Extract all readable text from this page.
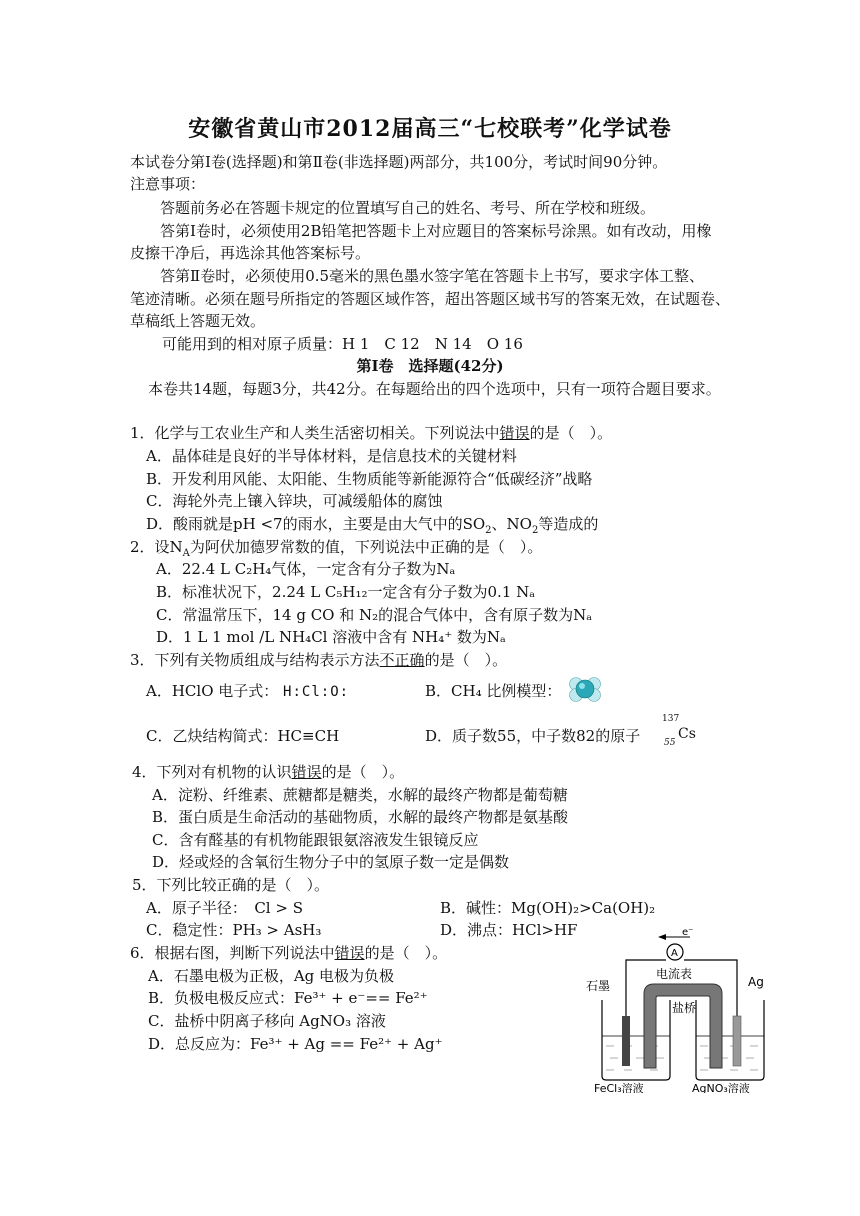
安徽省黄山市2012届高三“七校联考”化学试卷
本试卷分第Ⅰ卷(选择题)和第Ⅱ卷(非选择题)两部分，共100分，考试时间90分钟。
注意事项：
答题前务必在答题卡规定的位置填写自己的姓名、考号、所在学校和班级。
答第Ⅰ卷时，必须使用2B铅笔把答题卡上对应题目的答案标号涂黑。如有改动，用橡
皮擦干净后，再选涂其他答案标号。
答第Ⅱ卷时，必须使用0.5毫米的黑色墨水签字笔在答题卡上书写，要求字体工整、
笔迹清晰。必须在题号所指定的答题区域作答，超出答题区域书写的答案无效，在试题卷、
草稿纸上答题无效。
可能用到的相对原子质量：H 1　C 12　N 14　O 16
第Ⅰ卷　选择题(42分)
本卷共14题，每题3分，共42分。在每题给出的四个选项中，只有一项符合题目要求。
1．化学与工农业生产和人类生活密切相关。下列说法中错误的是（　）。
A．晶体硅是良好的半导体材料，是信息技术的关键材料
B．开发利用风能、太阳能、生物质能等新能源符合“低碳经济”战略
C．海轮外壳上镶入锌块，可减缓船体的腐蚀
D．酸雨就是pH <7的雨水，主要是由大气中的$SO_2$、$NO_2$等造成的
2．设$N_A$为阿伏加德罗常数的值，下列说法中正确的是（　）。
A．22.4 L C₂H₄气体，一定含有分子数为Nₐ
B．标准状况下，2.24 L C₅H₁₂一定含有分子数为0.1 Nₐ
C．常温常压下，14 g CO 和 N₂的混合气体中，含有原子数为Nₐ
D．1 L 1 mol /L NH₄Cl 溶液中含有 NH₄⁺ 数为Nₐ
3．下列有关物质组成与结构表示方法不正确的是（　）。
A．HClO 电子式： H:Cl:O:	B．CH₄ 比例模型：
C．乙炔结构简式：HC≡CH	D．质子数55，中子数82的原子
137
55
Cs
4．下列对有机物的认识错误的是（　）。
A．淀粉、纤维素、蔗糖都是糖类，水解的最终产物都是葡萄糖
B．蛋白质是生命活动的基础物质，水解的最终产物都是氨基酸
C．含有醛基的有机物能跟银氨溶液发生银镜反应
D．烃或烃的含氧衍生物分子中的氢原子数一定是偶数
5．下列比较正确的是（　）。
A．原子半径：　Cl > S	B．碱性：Mg(OH)₂>Ca(OH)₂
C．稳定性：PH₃ > AsH₃	D．沸点：HCl>HF
6．根据右图，判断下列说法中错误的是（　）。
A．石墨电极为正极，Ag 电极为负极
B．负极电极反应式：Fe³⁺ + e⁻== Fe²⁺
C．盐桥中阴离子移向 AgNO₃ 溶液
D．总反应为：Fe³⁺ + Ag == Fe²⁺ + Ag⁺
e⁻
A
电流表
石墨	Ag
盐桥
FeCl₃溶液	AgNO₃溶液
